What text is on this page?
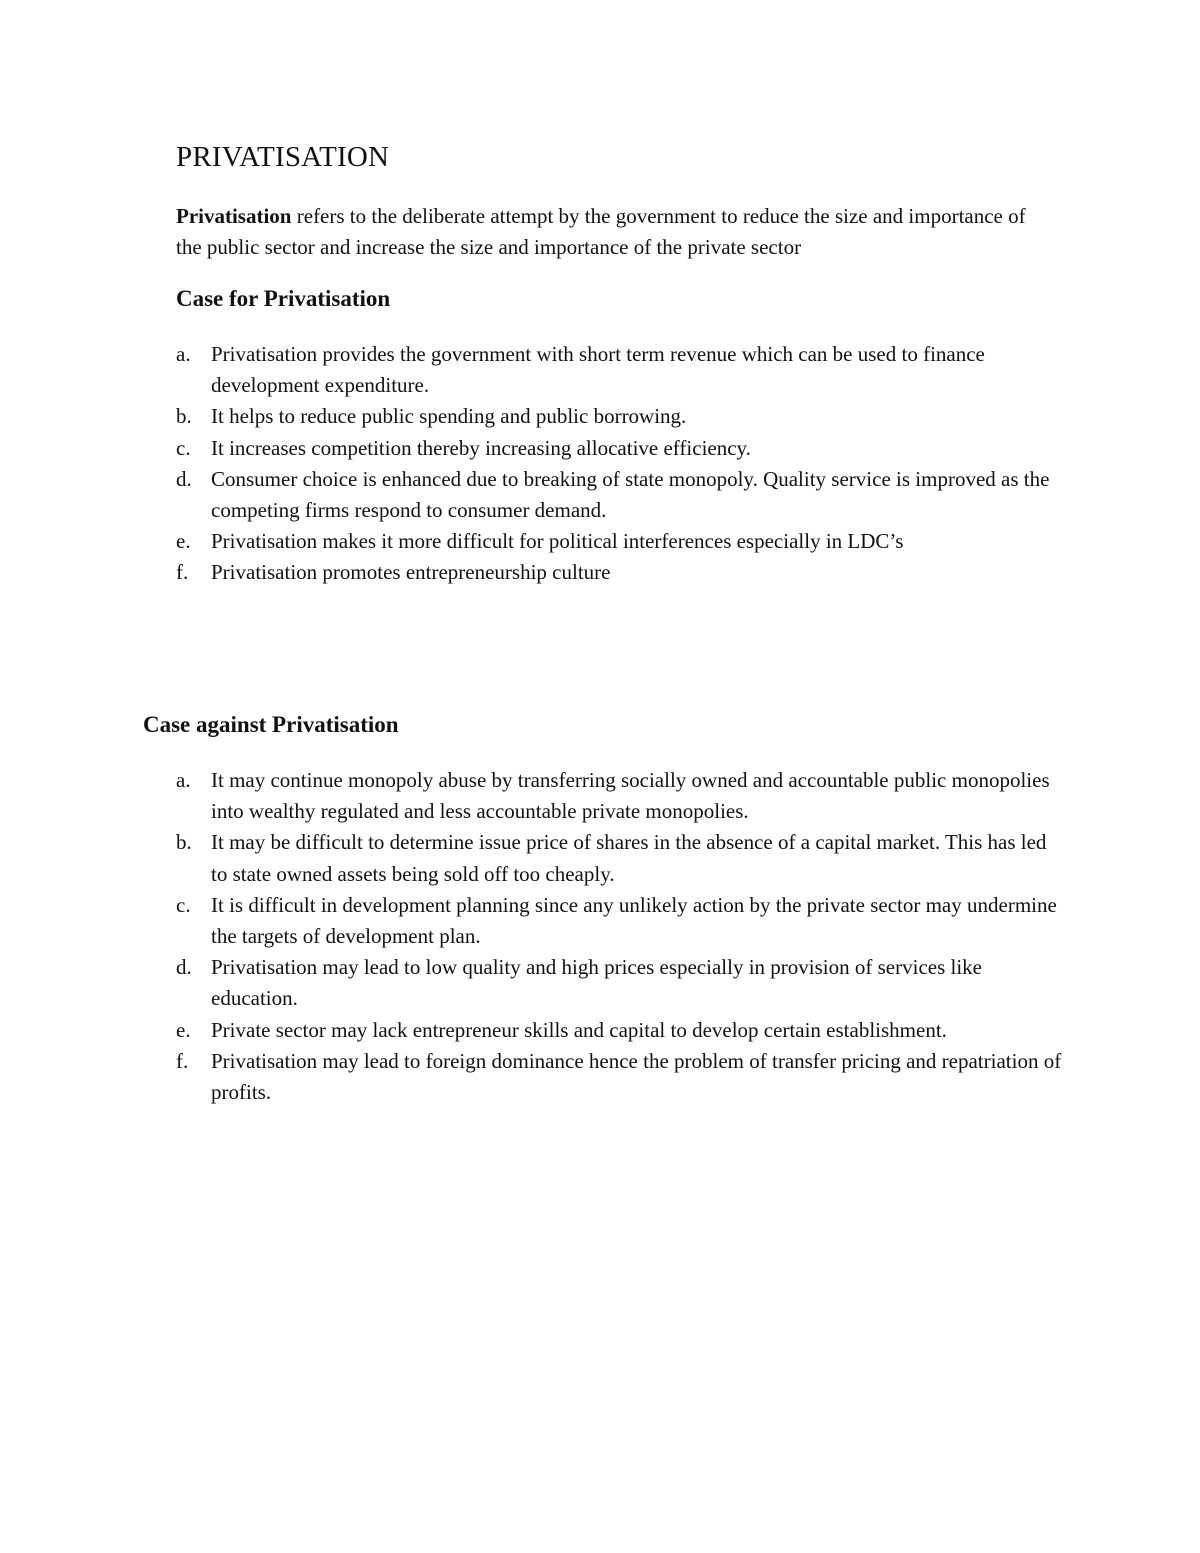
PRIVATISATION

Privatisation refers to the deliberate attempt by the government to reduce the size and importance of the public sector and increase the size and importance of the private sector

Case for Privatisation
a. Privatisation provides the government with short term revenue which can be used to finance development expenditure.
b. It helps to reduce public spending and public borrowing.
c. It increases competition thereby increasing allocative efficiency.
d. Consumer choice is enhanced due to breaking of state monopoly. Quality service is improved as the competing firms respond to consumer demand.
e. Privatisation makes it more difficult for political interferences especially in LDC’s
f. Privatisation promotes entrepreneurship culture
Case against Privatisation
a. It may continue monopoly abuse by transferring socially owned and accountable public monopolies into wealthy regulated and less accountable private monopolies.
b. It may be difficult to determine issue price of shares in the absence of a capital market. This has led to state owned assets being sold off too cheaply.
c. It is difficult in development planning since any unlikely action by the private sector may undermine the targets of development plan.
d. Privatisation may lead to low quality and high prices especially in provision of services like education.
e. Private sector may lack entrepreneur skills and capital to develop certain establishment.
f. Privatisation may lead to foreign dominance hence the problem of transfer pricing and repatriation of profits.
